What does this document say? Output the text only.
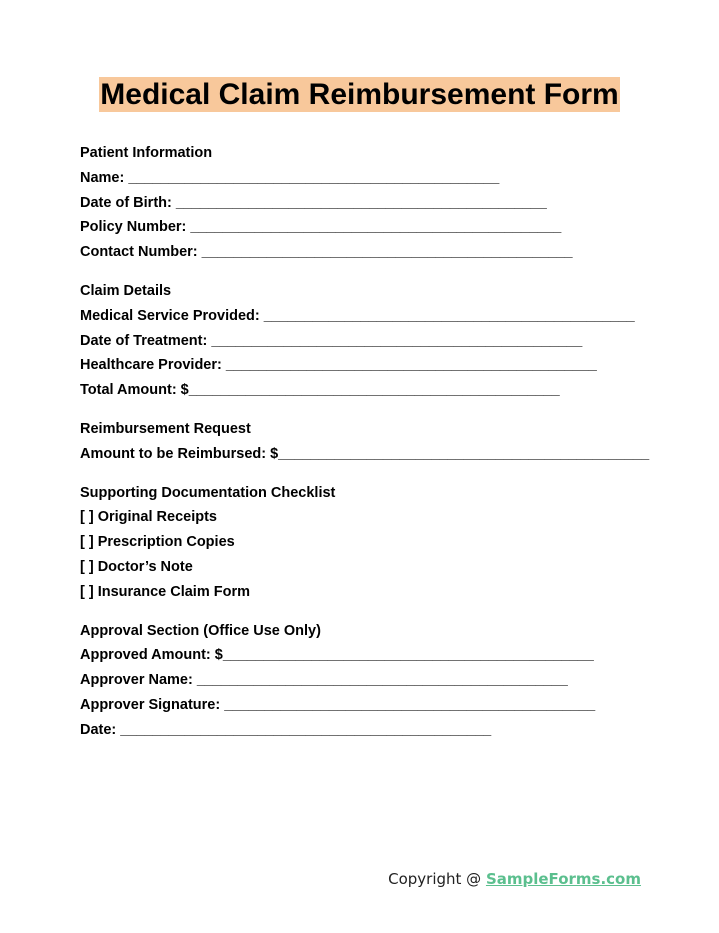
Medical Claim Reimbursement Form
Patient Information
Name: ______________________________________________
Date of Birth: ______________________________________________
Policy Number: ______________________________________________
Contact Number: ______________________________________________
Claim Details
Medical Service Provided: ______________________________________________
Date of Treatment: ______________________________________________
Healthcare Provider: ______________________________________________
Total Amount: $______________________________________________
Reimbursement Request
Amount to be Reimbursed: $______________________________________________
Supporting Documentation Checklist
[ ] Original Receipts
[ ] Prescription Copies
[ ] Doctor’s Note
[ ] Insurance Claim Form
Approval Section (Office Use Only)
Approved Amount: $______________________________________________
Approver Name: ______________________________________________
Approver Signature: ______________________________________________
Date: ______________________________________________
Copyright @ SampleForms.com
